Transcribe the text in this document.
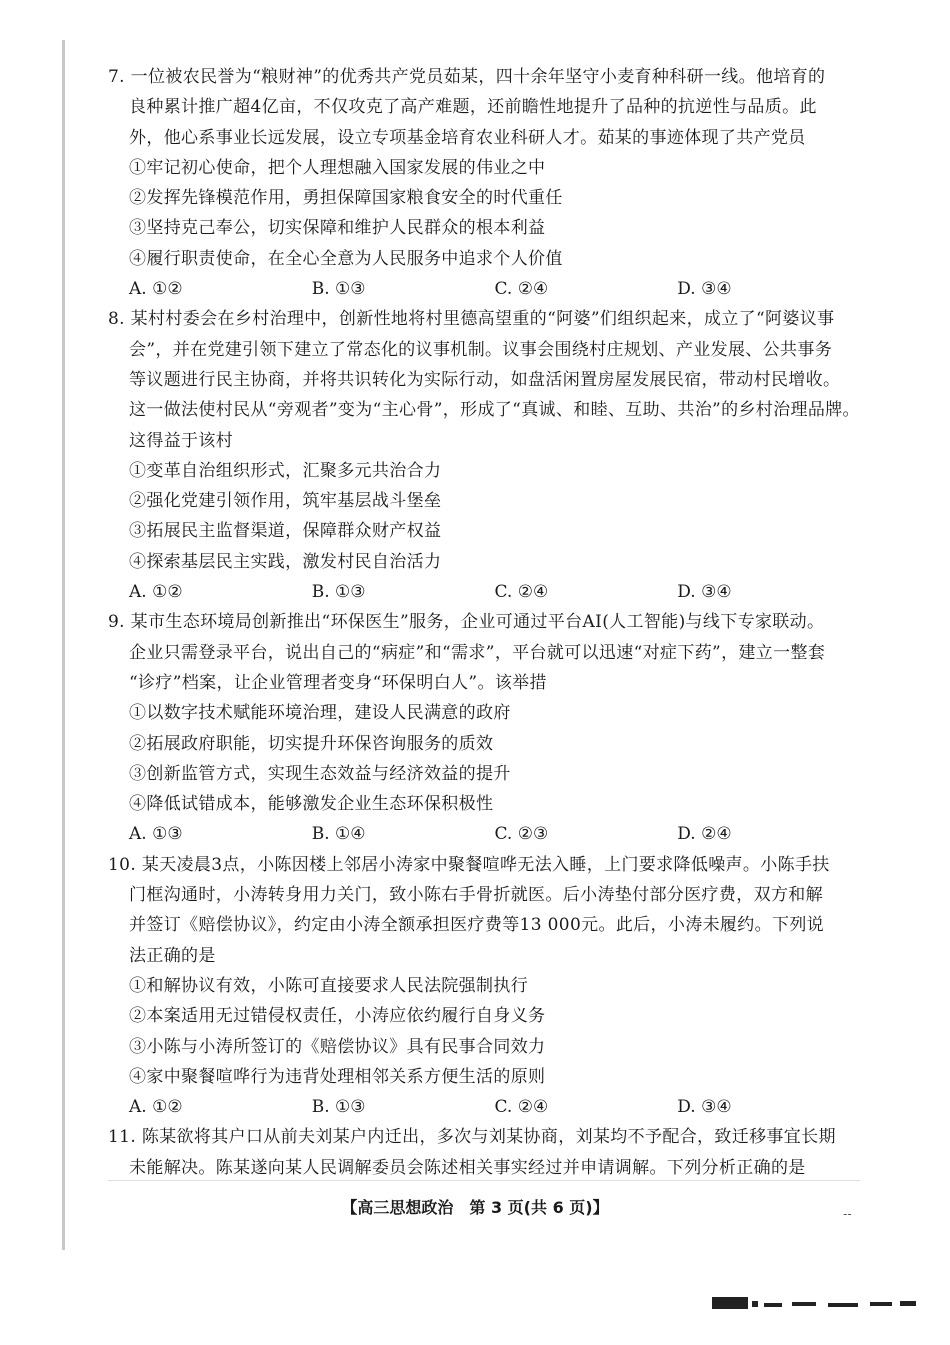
7. 一位被农民誉为“粮财神”的优秀共产党员茹某，四十余年坚守小麦育种科研一线。他培育的
良种累计推广超4亿亩，不仅攻克了高产难题，还前瞻性地提升了品种的抗逆性与品质。此
外，他心系事业长远发展，设立专项基金培育农业科研人才。茹某的事迹体现了共产党员
①牢记初心使命，把个人理想融入国家发展的伟业之中
②发挥先锋模范作用，勇担保障国家粮食安全的时代重任
③坚持克己奉公，切实保障和维护人民群众的根本利益
④履行职责使命，在全心全意为人民服务中追求个人价值
A. ①②	B. ①③	C. ②④	D. ③④
8. 某村村委会在乡村治理中，创新性地将村里德高望重的“阿婆”们组织起来，成立了“阿婆议事
会”，并在党建引领下建立了常态化的议事机制。议事会围绕村庄规划、产业发展、公共事务
等议题进行民主协商，并将共识转化为实际行动，如盘活闲置房屋发展民宿，带动村民增收。
这一做法使村民从“旁观者”变为“主心骨”，形成了“真诚、和睦、互助、共治”的乡村治理品牌。
这得益于该村
①变革自治组织形式，汇聚多元共治合力
②强化党建引领作用，筑牢基层战斗堡垒
③拓展民主监督渠道，保障群众财产权益
④探索基层民主实践，激发村民自治活力
A. ①②	B. ①③	C. ②④	D. ③④
9. 某市生态环境局创新推出“环保医生”服务，企业可通过平台AI(人工智能)与线下专家联动。
企业只需登录平台，说出自己的“病症”和“需求”，平台就可以迅速“对症下药”，建立一整套
“诊疗”档案，让企业管理者变身“环保明白人”。该举措
①以数字技术赋能环境治理，建设人民满意的政府
②拓展政府职能，切实提升环保咨询服务的质效
③创新监管方式，实现生态效益与经济效益的提升
④降低试错成本，能够激发企业生态环保积极性
A. ①③	B. ①④	C. ②③	D. ②④
10. 某天凌晨3点，小陈因楼上邻居小涛家中聚餐喧哗无法入睡，上门要求降低噪声。小陈手扶
门框沟通时，小涛转身用力关门，致小陈右手骨折就医。后小涛垫付部分医疗费，双方和解
并签订《赔偿协议》，约定由小涛全额承担医疗费等13 000元。此后，小涛未履约。下列说
法正确的是
①和解协议有效，小陈可直接要求人民法院强制执行
②本案适用无过错侵权责任，小涛应依约履行自身义务
③小陈与小涛所签订的《赔偿协议》具有民事合同效力
④家中聚餐喧哗行为违背处理相邻关系方便生活的原则
A. ①②	B. ①③	C. ②④	D. ③④
11. 陈某欲将其户口从前夫刘某户内迁出，多次与刘某协商，刘某均不予配合，致迁移事宜长期
未能解决。陈某遂向某人民调解委员会陈述相关事实经过并申请调解。下列分析正确的是
【高三思想政治　第 3 页(共 6 页)】	--
